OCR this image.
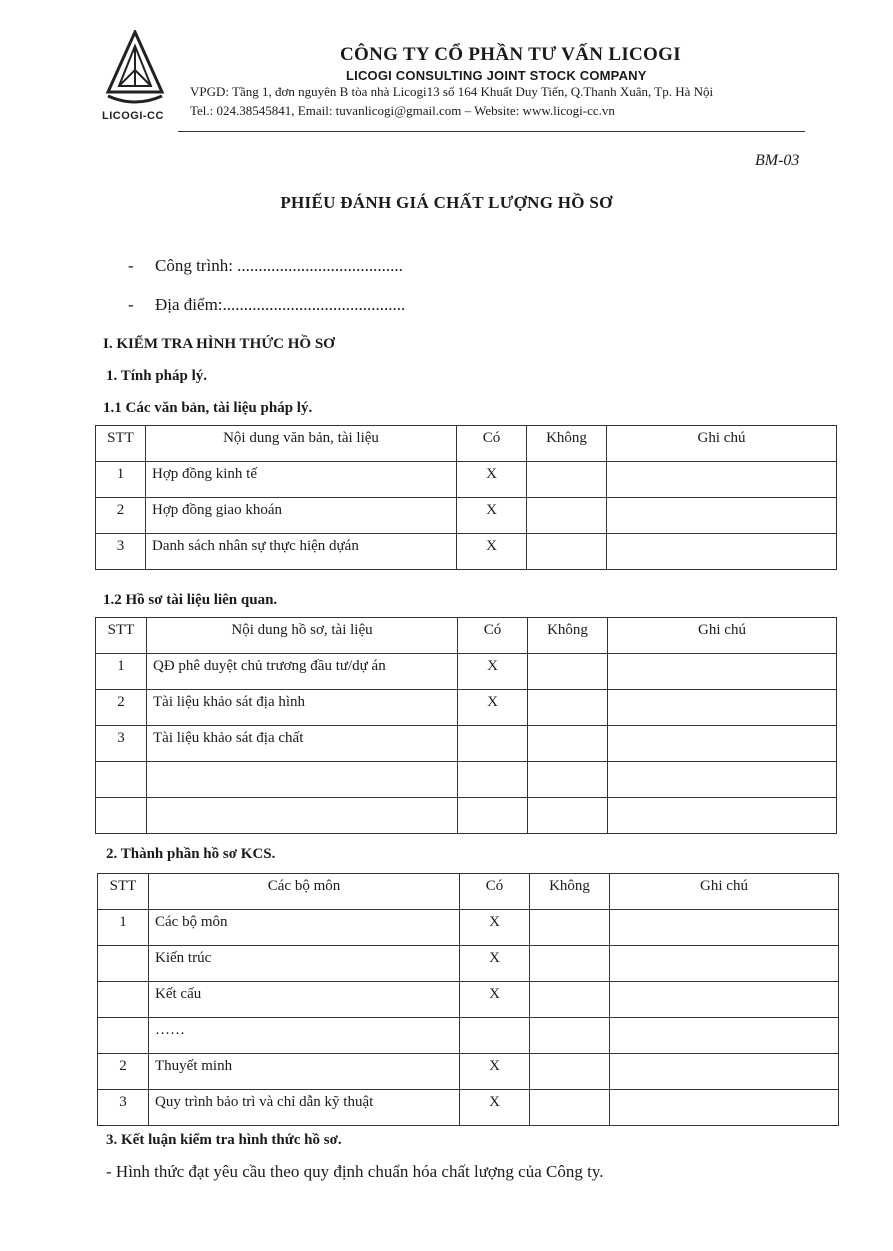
LICOGI-CC
CÔNG TY CỔ PHẦN TƯ VẤN LICOGI
LICOGI CONSULTING JOINT STOCK COMPANY
VPGD: Tầng 1, đơn nguyên B tòa nhà Licogi13 số 164 Khuất Duy Tiến, Q.Thanh Xuân, Tp. Hà Nội
Tel.: 024.38545841, Email: tuvanlicogi@gmail.com – Website: www.licogi-cc.vn
BM-03
PHIẾU ĐÁNH GIÁ CHẤT LƯỢNG HỒ SƠ
- Công trình: .......................................
- Địa điểm:...........................................
I. KIỂM TRA HÌNH THỨC HỒ SƠ
1. Tính pháp lý.
1.1 Các văn bản, tài liệu pháp lý.
STT	Nội dung văn bản, tài liệu	Có	Không	Ghi chú
1	Hợp đồng kinh tế	X		
2	Hợp đồng giao khoán	X		
3	Danh sách nhân sự thực hiện dựán	X		
1.2 Hồ sơ tài liệu liên quan.
STT	Nội dung hồ sơ, tài liệu	Có	Không	Ghi chú
1	QĐ phê duyệt chủ trương đầu tư/dự án	X		
2	Tài liệu khảo sát địa hình	X		
3	Tài liệu khảo sát địa chất			

2. Thành phần hồ sơ KCS.
STT	Các bộ môn	Có	Không	Ghi chú
1	Các bộ môn	X		
	Kiến trúc	X		
	Kết cấu	X		
	……			
2	Thuyết minh	X		
3	Quy trình bảo trì và chỉ dẫn kỹ thuật	X		
3. Kết luận kiểm tra hình thức hồ sơ.
- Hình thức đạt yêu cầu theo quy định chuẩn hóa chất lượng của Công ty.
